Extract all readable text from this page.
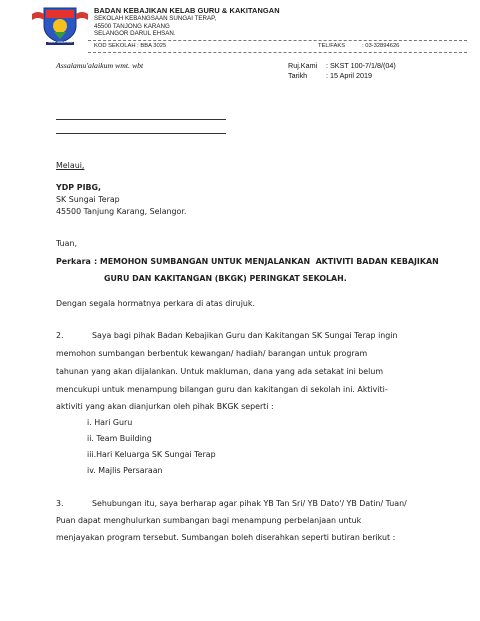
TERAP CEMERLANG
BADAN KEBAJIKAN KELAB GURU & KAKITANGAN
SEKOLAH KEBANGSAAN SUNGAI TERAP,
45500 TANJONG KARANG
SELANGOR DARUL EHSAN.
KOD SEKOLAH : BBA 3025	TEL/FAKS	: 03-32894626
Assalamu'alaikum wmt. wbt	Ruj.Kami : SKST 100-7/1/8/(04)
Tarikh	: 15 April 2019
Melaui,
YDP PIBG,
SK Sungai Terap
45500 Tanjung Karang, Selangor.
Tuan,
Perkara : MEMOHON SUMBANGAN UNTUK MENJALANKAN  AKTIVITI BADAN KEBAJIKAN
GURU DAN KAKITANGAN (BKGK) PERINGKAT SEKOLAH.
Dengan segala hormatnya perkara di atas dirujuk.
2.	Saya bagi pihak Badan Kebajikan Guru dan Kakitangan SK Sungai Terap ingin
memohon sumbangan berbentuk kewangan/ hadiah/ barangan untuk program
tahunan yang akan dijalankan. Untuk makluman, dana yang ada setakat ini belum
mencukupi untuk menampung bilangan guru dan kakitangan di sekolah ini. Aktiviti-
aktiviti yang akan dianjurkan oleh pihak BKGK seperti :
i. Hari Guru
ii. Team Building
iii.Hari Keluarga SK Sungai Terap
iv. Majlis Persaraan
3.	Sehubungan itu, saya berharap agar pihak YB Tan Sri/ YB Dato'/ YB Datin/ Tuan/
Puan dapat menghulurkan sumbangan bagi menampung perbelanjaan untuk
menjayakan program tersebut. Sumbangan boleh diserahkan seperti butiran berikut :
